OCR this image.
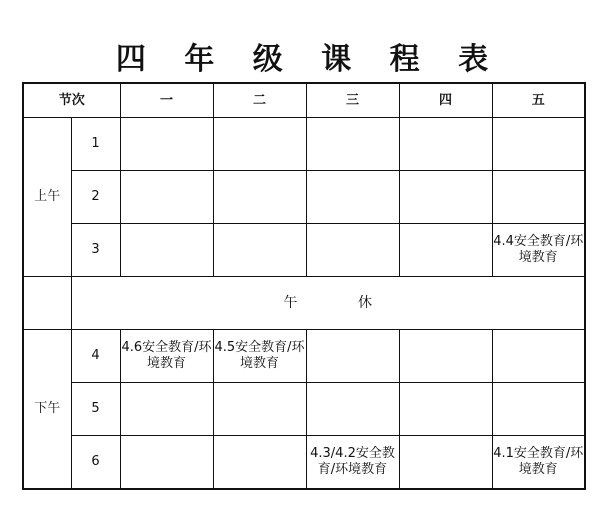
四 年 级 课 程 表
节次		一	二	三	四	五
上午	1	

	2	

	3					4.4安全教育/环境教育

	午 休					
下午	4	4.6安全教育/环境教育	4.5安全教育/环境教育			

	5	

	6			4.3/4.2安全教育/环境教育		4.1安全教育/环境教育
